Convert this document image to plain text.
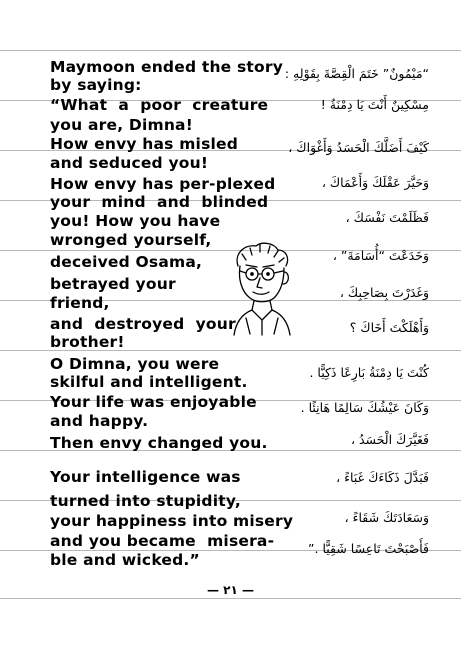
Maymoon ended the story

by saying:

“What  a  poor  creature

you are, Dimna!

How envy has misled

and seduced you!

How envy has per-plexed

your  mind  and  blinded

you! How you have

wronged yourself,

deceived Osama,

betrayed your

friend,

and  destroyed  your

brother!

O Dimna, you were

skilful and intelligent.

Your life was enjoyable

and happy.

Then envy changed you.

Your intelligence was

turned into stupidity,

your happiness into misery

and you became  misera-

ble and wicked.”

“مَيْمُونٌ” خَتَمَ الْقِصَّةَ بِقَوْلِهِ :

مِسْكِينٌ أَنْتَ يَا دِمْنَةُ !

كَيْفَ أَضَلَّكَ الْحَسَدُ وَأَغْوَاكَ ،

وَحَيَّرَ عَقْلَكَ وَأَعْمَاكَ ،

فَظَلَمْتَ نَفْسَكَ ،

وَخَدَعْتَ “أُسَامَةَ” ،

وَغَدَرْتَ بِصَاحِبِكَ ،

وَأَهْلَكْتَ أَخَاكَ ؟

كُنْتَ يَا دِمْنَةُ بَارِعًا ذَكِيًّا .

وَكَانَ عَيْشُكَ سَالِمًا هَانِئًا .

فَغَيَّرَكَ الْحَسَدُ ،

فَبَدَّلَ ذَكَاءَكَ غَبَاءً ،

وَسَعَادَتَكَ شَقَاءً ،

فَأَصْبَحْتَ تَاعِسًا شَقِيًّا .”

— ٢١ —
